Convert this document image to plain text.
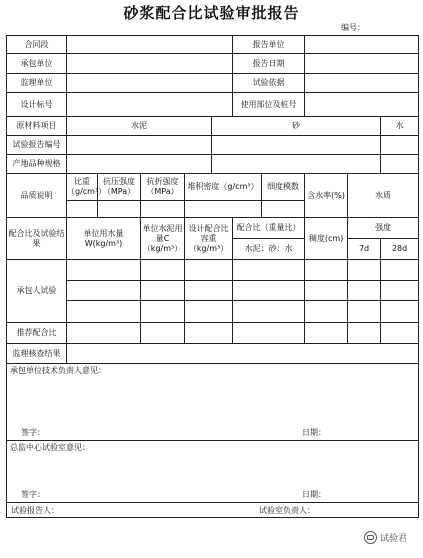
砂浆配合比试验审批报告
编号：
合同段						报告单位				
承包单位						报告日期				
监理单位						试验依据				
设计标号						使用部位及桩号				
原材料项目	水泥				砂					水
试验报告编号										
产地品种规格										
品质说明	比重（g/cm³）	抗压强度（MPa）	抗折强度（MPa）	堆积密度（g/cm³）			细度模数	含水率(%)	水质	

配合比及试验结果	单位用水量W(kg/m³)		单位水泥用量C（kg/m³）	设计配合比容重（kg/m³）		配合比（重量比）		稠度(cm)	强度	
						水泥：砂：水			7d	28d

承包人试验										

推荐配合比										
监理核查结果										

承包单位技术负责人意见：
签字： 日期：										

总监中心试验室意见：
签字： 日期：										

试验报告人： 试验室负责人：										
试验君
